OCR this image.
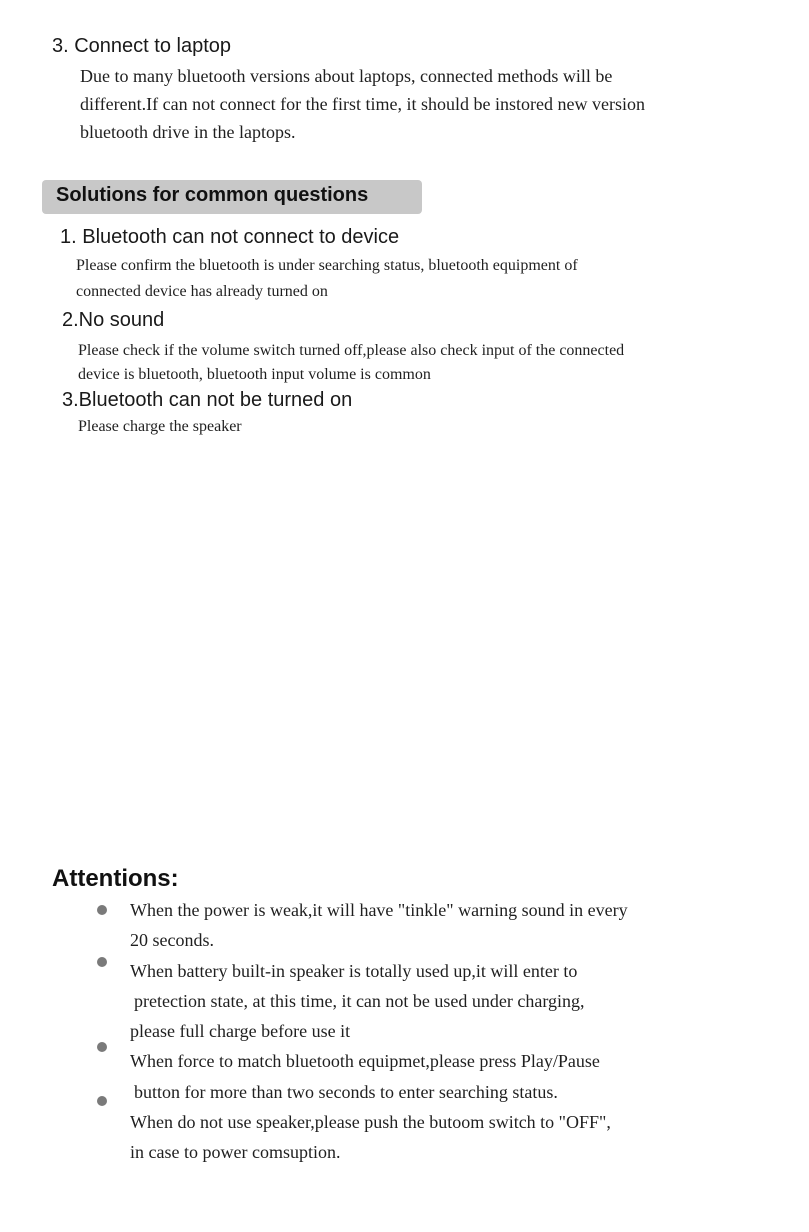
3. Connect to laptop
Due to many bluetooth versions about laptops, connected methods will be
different.If can not connect for the first time, it should be instored new version
bluetooth drive in the laptops.
Solutions for common questions
1. Bluetooth can not connect to device
Please confirm the bluetooth is under searching status, bluetooth equipment of
connected device has already turned on
2.No sound
Please check if the volume switch turned off,please also check input of the connected
device is bluetooth, bluetooth input volume is common
3.Bluetooth can not be turned on
Please charge the speaker
Attentions:
When the power is weak,it will have "tinkle" warning sound in every
20 seconds.
When battery built-in speaker is totally used up,it will enter to
pretection state, at this time, it can not be used under charging,
please full charge before use it
When force to match bluetooth equipmet,please press Play/Pause
button for more than two seconds to enter searching status.
When do not use speaker,please push the butoom switch to "OFF",
in case to power comsuption.
